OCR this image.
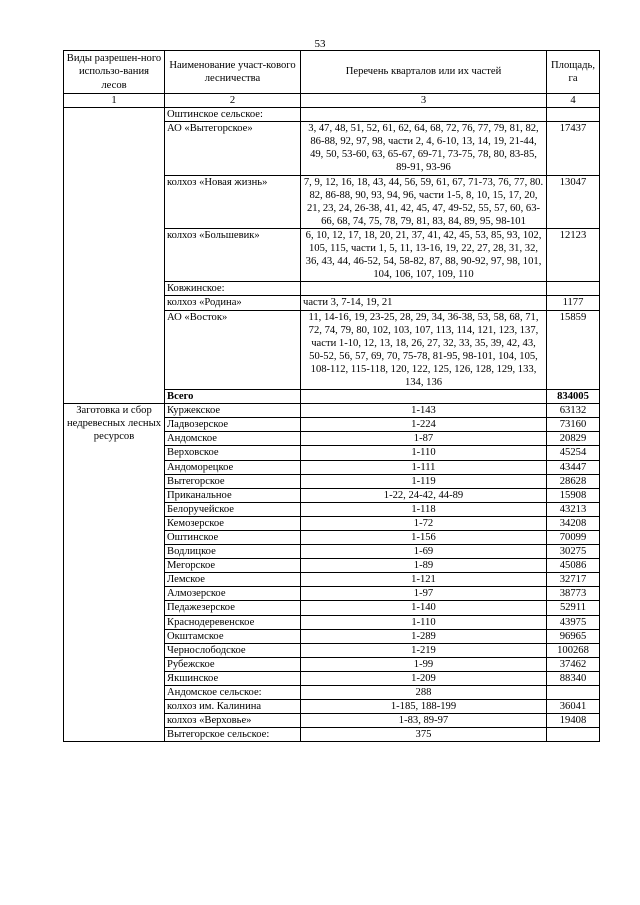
53
Виды разрешен-ного использо-вания лесов	Наименование участ-кового лесничества	Перечень кварталов или их частей	Площадь, га
1	2	3	4
	Оштинское сельское:		
	АО «Вытегорское»	3, 47, 48, 51, 52, 61, 62, 64, 68, 72, 76, 77, 79, 81, 82, 86-88, 92, 97, 98, части 2, 4, 6-10, 13, 14, 19, 21-44, 49, 50, 53-60, 63, 65-67, 69-71, 73-75, 78, 80, 83-85, 89-91, 93-96	17437
	колхоз «Новая жизнь»	7, 9, 12, 16, 18, 43, 44, 56, 59, 61, 67, 71-73, 76, 77, 80. 82, 86-88, 90, 93, 94, 96, части 1-5, 8, 10, 15, 17, 20, 21, 23, 24, 26-38, 41, 42, 45, 47, 49-52, 55, 57, 60, 63-66, 68, 74, 75, 78, 79, 81, 83, 84, 89, 95, 98-101	13047
	колхоз «Большевик»	6, 10, 12, 17, 18, 20, 21, 37, 41, 42, 45, 53, 85, 93, 102, 105, 115, части 1, 5, 11, 13-16, 19, 22, 27, 28, 31, 32, 36, 43, 44, 46-52, 54, 58-82, 87, 88, 90-92, 97, 98, 101, 104, 106, 107, 109, 110	12123
	Ковжинское:		
	колхоз «Родина»	части 3, 7-14, 19, 21	1177
	АО «Восток»	11, 14-16, 19, 23-25, 28, 29, 34, 36-38, 53, 58, 68, 71, 72, 74, 79, 80, 102, 103, 107, 113, 114, 121, 123, 137, части 1-10, 12, 13, 18, 26, 27, 32, 33, 35, 39, 42, 43, 50-52, 56, 57, 69, 70, 75-78, 81-95, 98-101, 104, 105, 108-112, 115-118, 120, 122, 125, 126, 128, 129, 133, 134, 136	15859
	Всего		834005
Заготовка и сбор недревесных лесных ресурсов	Куржекское	1-143	63132
	Ладвозерское	1-224	73160
	Андомское	1-87	20829
	Верховское	1-110	45254
	Андоморецкое	1-111	43447
	Вытегорское	1-119	28628
	Приканальное	1-22, 24-42, 44-89	15908
	Белоручейское	1-118	43213
	Кемозерское	1-72	34208
	Оштинское	1-156	70099
	Водлицкое	1-69	30275
	Мегорское	1-89	45086
	Лемское	1-121	32717
	Алмозерское	1-97	38773
	Педажезерское	1-140	52911
	Краснодеревенское	1-110	43975
	Окштамское	1-289	96965
	Чернослободское	1-219	100268
	Рубежское	1-99	37462
	Якшинское	1-209	88340
	Андомское сельское:	288	
	колхоз им. Калинина	1-185, 188-199	36041
	колхоз «Верховье»	1-83, 89-97	19408
	Вытегорское сельское:	375	
